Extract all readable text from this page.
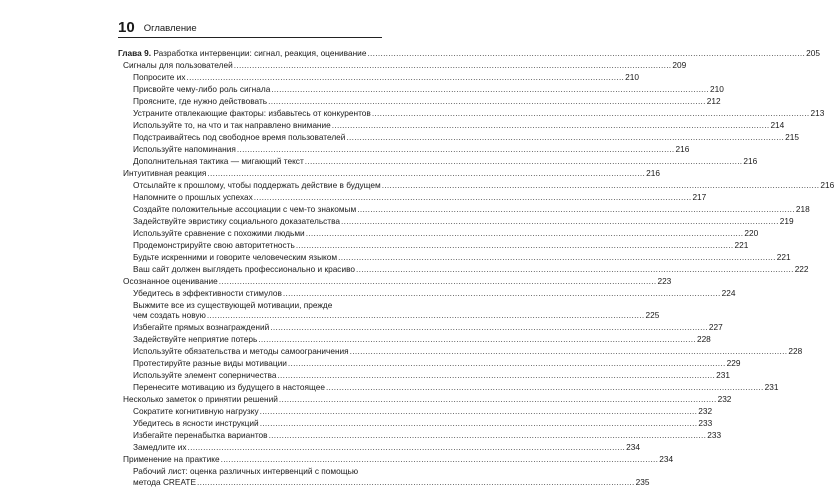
10 Оглавление
Глава 9. Разработка интервенции: сигнал, реакция, оценивание .....	205
Сигналы для пользователей .....	209
Попросите их .....	210
Присвойте чему-либо роль сигнала .....	210
Проясните, где нужно действовать .....	212
Устраните отвлекающие факторы: избавьтесь от конкурентов .....	213
Используйте то, на что и так направлено внимание .....	214
Подстраивайтесь под свободное время пользователей .....	215
Используйте напоминания .....	216
Дополнительная тактика — мигающий текст .....	216
Интуитивная реакция .....	216
Отсылайте к прошлому, чтобы поддержать действие в будущем .....	216
Напомните о прошлых успехах .....	217
Создайте положительные ассоциации с чем-то знакомым .....	218
Задействуйте эвристику социального доказательства .....	219
Используйте сравнение с похожими людьми .....	220
Продемонстрируйте свою авторитетность .....	221
Будьте искренними и говорите человеческим языком .....	221
Ваш сайт должен выглядеть профессионально и красиво .....	222
Осознанное оценивание .....	223
Убедитесь в эффективности стимулов .....	224
Выжмите все из существующей мотивации, прежде
чем создать новую .....	225
Избегайте прямых вознаграждений .....	227
Задействуйте неприятие потерь .....	228
Используйте обязательства и методы самоограничения .....	228
Протестируйте разные виды мотивации .....	229
Используйте элемент соперничества .....	231
Перенесите мотивацию из будущего в настоящее .....	231
Несколько заметок о принятии решений .....	232
Сократите когнитивную нагрузку .....	232
Убедитесь в ясности инструкций .....	233
Избегайте перенабытка вариантов .....	233
Замедлите их .....	234
Применение на практике .....	234
Рабочий лист: оценка различных интервенций с помощью
метода CREATE .....	235
